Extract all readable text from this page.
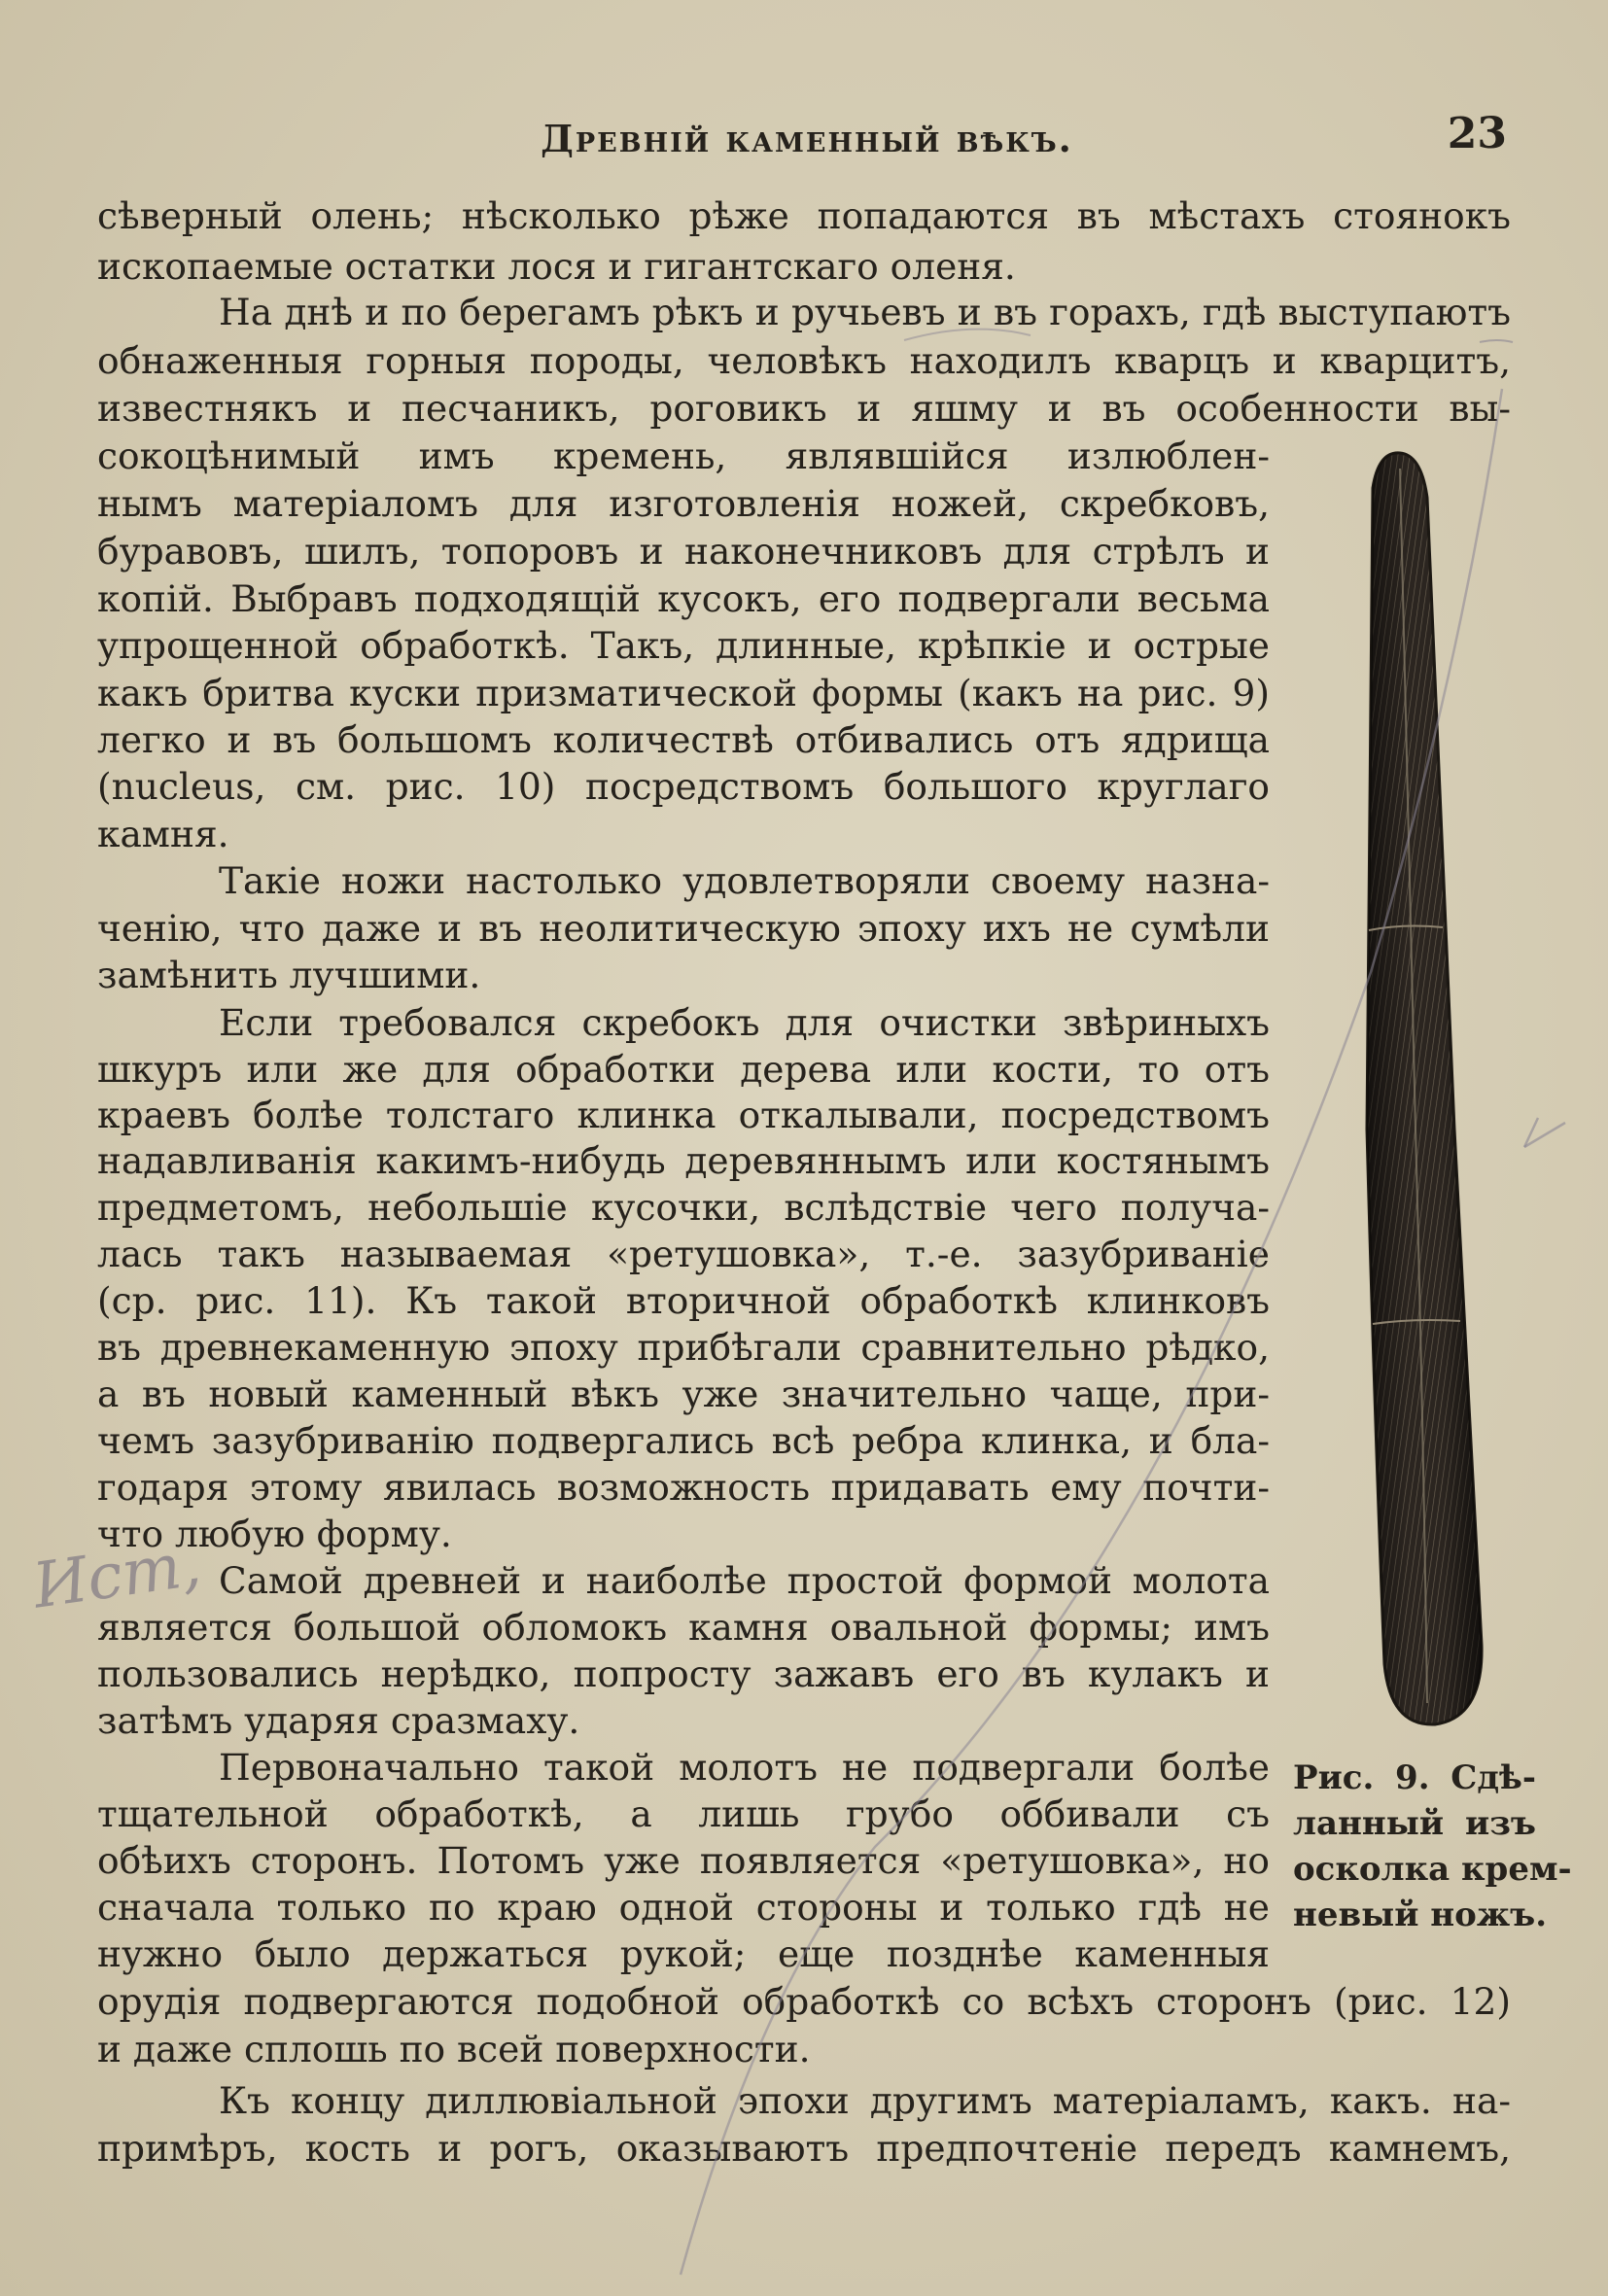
Древній каменный вѣкъ.	23

сѣверный олень; нѣсколько рѣже попадаются въ мѣстахъ стоянокъ

ископаемые остатки лося и гигантскаго оленя.

На днѣ и по берегамъ рѣкъ и ручьевъ и въ горахъ, гдѣ выступаютъ

обнаженныя горныя породы, человѣкъ находилъ кварцъ и кварцитъ,

известнякъ и песчаникъ, роговикъ и яшму и въ особенности вы-

сокоцѣнимый имъ кремень, являвшійся излюблен-

нымъ матеріаломъ для изготовленія ножей, скребковъ,

буравовъ, шилъ, топоровъ и наконечниковъ для стрѣлъ и

копій. Выбравъ подходящій кусокъ, его подвергали весьма

упрощенной обработкѣ. Такъ, длинные, крѣпкіе и острые

какъ бритва куски призматической формы (какъ на рис. 9)

легко и въ большомъ количествѣ отбивались отъ ядрища

(nucleus, см. рис. 10) посредствомъ большого круглаго

камня.

Такіе ножи настолько удовлетворяли своему назна-

ченію, что даже и въ неолитическую эпоху ихъ не сумѣли

замѣнить лучшими.

Если требовался скребокъ для очистки звѣриныхъ

шкуръ или же для обработки дерева или кости, то отъ

краевъ болѣе толстаго клинка откалывали, посредствомъ

надавливанія какимъ-нибудь деревяннымъ или костянымъ

предметомъ, небольшіе кусочки, вслѣдствіе чего получа-

лась такъ называемая «ретушовка», т.-е. зазубриваніе

(ср. рис. 11). Къ такой вторичной обработкѣ клинковъ

въ древнекаменную эпоху прибѣгали сравнительно рѣдко,

а въ новый каменный вѣкъ уже значительно чаще, при-

чемъ зазубриванію подвергались всѣ ребра клинка, и бла-

годаря этому явилась возможность придавать ему почти-

что любую форму.

Самой древней и наиболѣе простой формой молота

является большой обломокъ камня овальной формы; имъ

пользовались нерѣдко, попросту зажавъ его въ кулакъ и

затѣмъ ударяя сразмаху.

Первоначально такой молотъ не подвергали болѣе

тщательной обработкѣ, а лишь грубо оббивали съ

обѣихъ сторонъ. Потомъ уже появляется «ретушовка», но

сначала только по краю одной стороны и только гдѣ не

нужно было держаться рукой; еще позднѣе каменныя

орудія подвергаются подобной обработкѣ со всѣхъ сторонъ (рис. 12)

и даже сплошь по всей поверхности.

Къ концу диллювіальной эпохи другимъ матеріаламъ, какъ. на-

примѣръ, кость и рогъ, оказываютъ предпочтеніе передъ камнемъ,

Рис. 9. Сдѣ-
ланный изъ
осколка крем-
невый ножъ.
Ист,
